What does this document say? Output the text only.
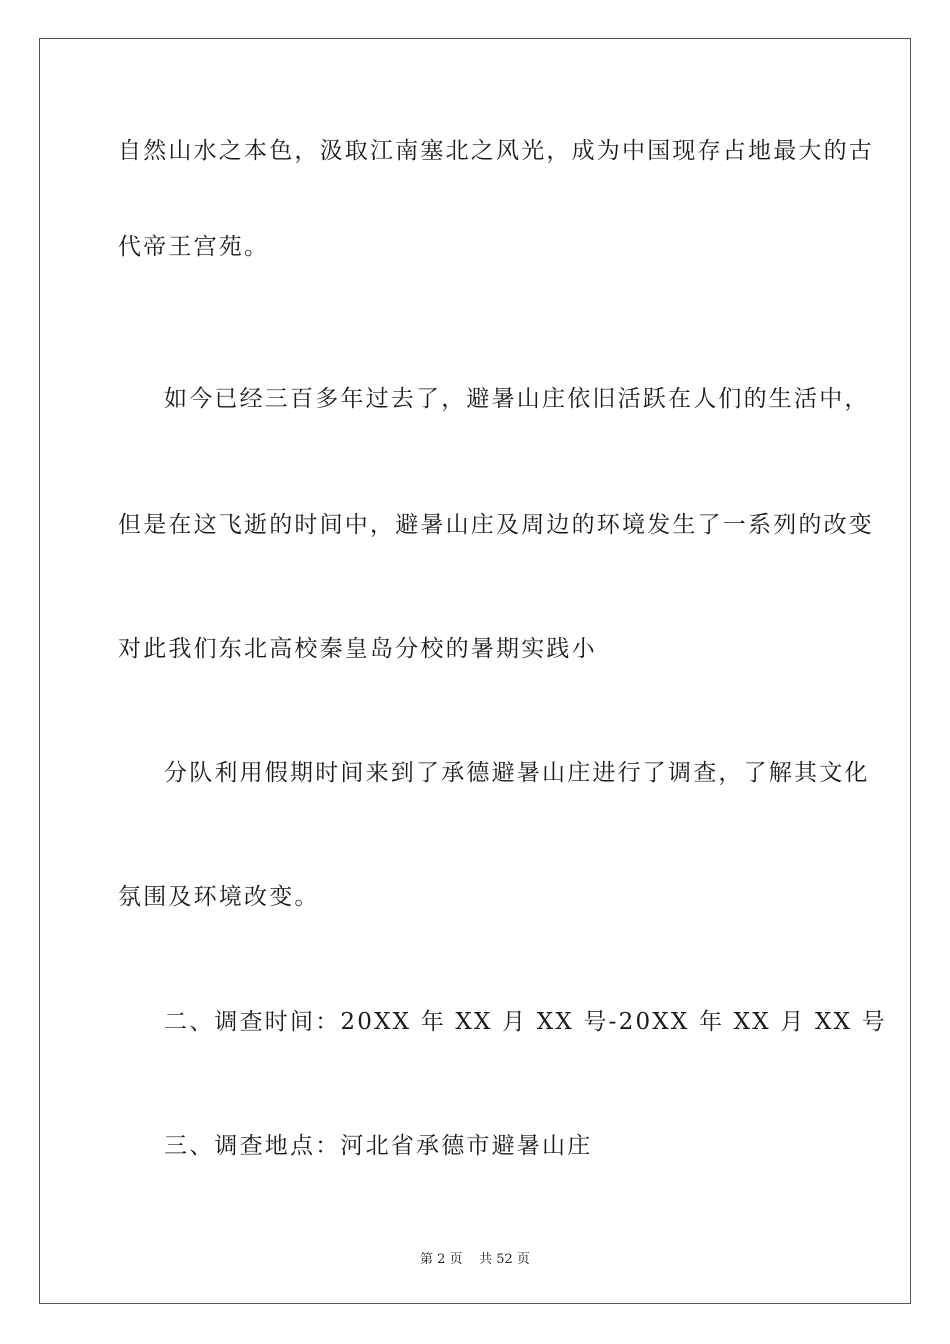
自然山水之本色，汲取江南塞北之风光，成为中国现存占地最大的古
代帝王宫苑。
如今已经三百多年过去了，避暑山庄依旧活跃在人们的生活中，
但是在这飞逝的时间中，避暑山庄及周边的环境发生了一系列的改变
对此我们东北高校秦皇岛分校的暑期实践小
分队利用假期时间来到了承德避暑山庄进行了调查，了解其文化
氛围及环境改变。
二、调查时间：20XX 年 XX 月 XX 号-20XX 年 XX 月 XX 号
三、调查地点：河北省承德市避暑山庄
第 2 页 共 52 页
